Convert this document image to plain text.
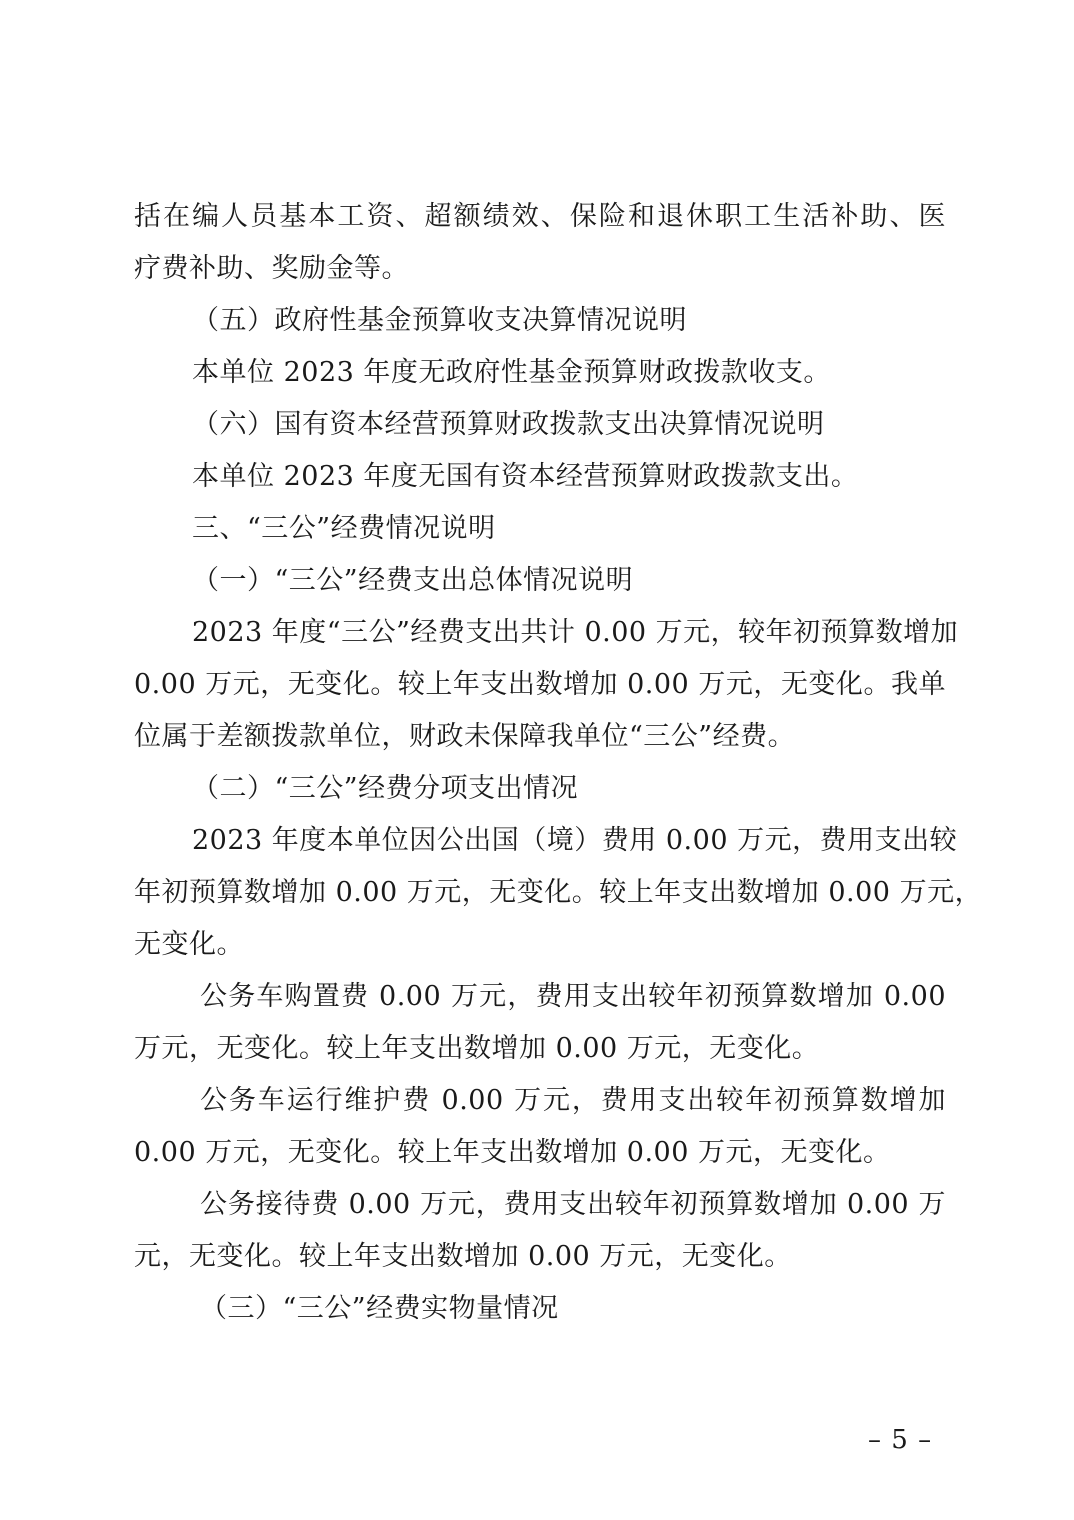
括在编人员基本工资、超额绩效、保险和退休职工生活补助、医
疗费补助、奖励金等。
（五）政府性基金预算收支决算情况说明
本单位 2023 年度无政府性基金预算财政拨款收支。
（六）国有资本经营预算财政拨款支出决算情况说明
本单位 2023 年度无国有资本经营预算财政拨款支出。
三、“三公”经费情况说明
（一）“三公”经费支出总体情况说明
2023 年度“三公”经费支出共计 0.00 万元，较年初预算数增加
0.00 万元，无变化。较上年支出数增加 0.00 万元，无变化。我单
位属于差额拨款单位，财政未保障我单位“三公”经费。
（二）“三公”经费分项支出情况
2023 年度本单位因公出国（境）费用 0.00 万元，费用支出较
年初预算数增加 0.00 万元，无变化。较上年支出数增加 0.00 万元，
无变化。
公务车购置费 0.00 万元，费用支出较年初预算数增加 0.00
万元，无变化。较上年支出数增加 0.00 万元，无变化。
公务车运行维护费 0.00 万元，费用支出较年初预算数增加
0.00 万元，无变化。较上年支出数增加 0.00 万元，无变化。
公务接待费 0.00 万元，费用支出较年初预算数增加 0.00 万
元，无变化。较上年支出数增加 0.00 万元，无变化。
（三）“三公”经费实物量情况
– 5 –
